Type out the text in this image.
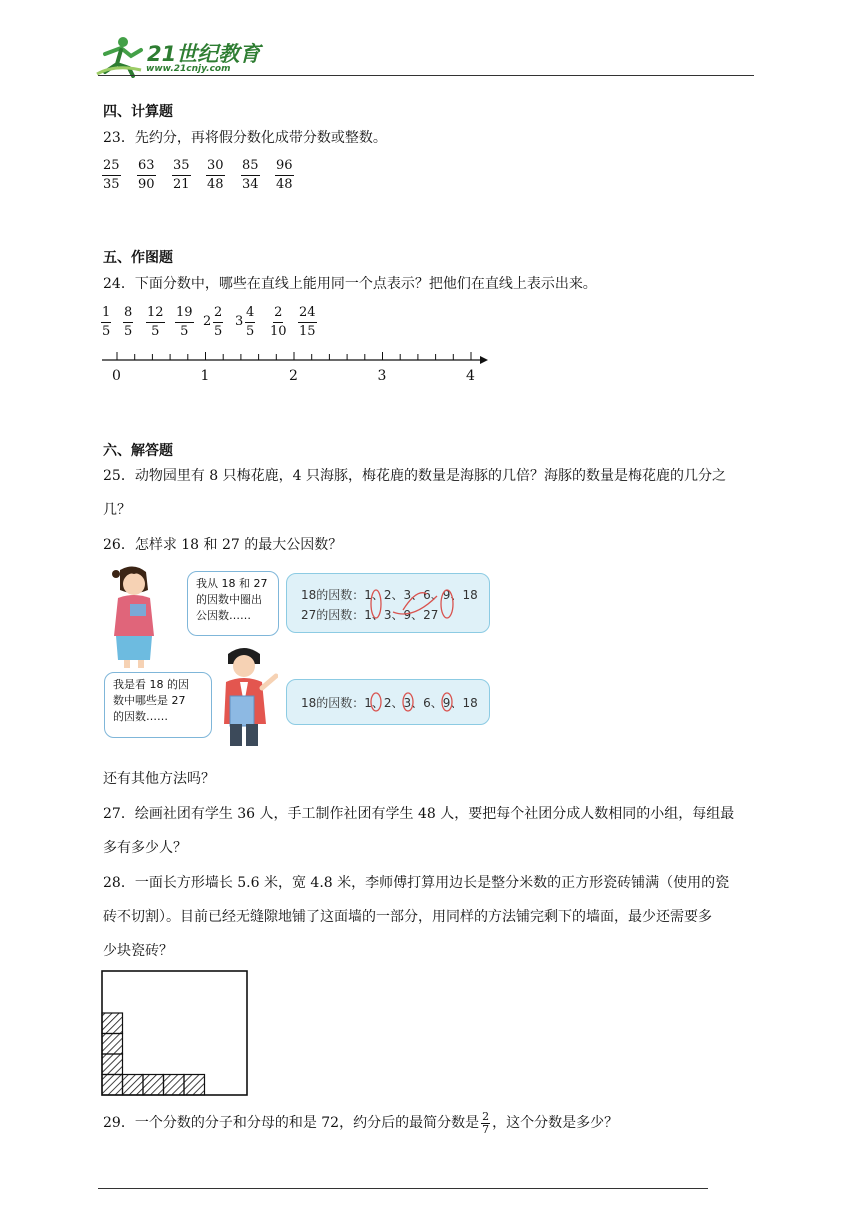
21世纪教育
www.21cnjy.com
四、计算题
23．先约分，再将假分数化成带分数或整数。
$\frac{25}{35} \frac{63}{90} \frac{35}{21} \frac{30}{48} \frac{85}{34} \frac{96}{48}$
五、作图题
24．下面分数中，哪些在直线上能用同一个点表示？把他们在直线上表示出来。
$\frac{1}{5} \frac{8}{5} \frac{12}{5} \frac{19}{5} 2 \frac{2}{5} 3 \frac{4}{5} \frac{2}{10} \frac{24}{15}$
0	1	2	3	4
六、解答题
25．动物园里有 8 只梅花鹿，4 只海豚，梅花鹿的数量是海豚的几倍？海豚的数量是梅花鹿的几分之
几？
26．怎样求 18 和 27 的最大公因数？
我从 18 和 27
的因数中圈出
公因数……
18的因数：1、2、3、6、9、18
27的因数：1、3、9、27
我是看 18 的因
数中哪些是 27
的因数……
18的因数：1、2、3、6、9、18
还有其他方法吗？
27．绘画社团有学生 36 人，手工制作社团有学生 48 人，要把每个社团分成人数相同的小组，每组最
多有多少人？
28．一面长方形墙长 5.6 米，宽 4.8 米，李师傅打算用边长是整分米数的正方形瓷砖铺满（使用的瓷
砖不切割）。目前已经无缝隙地铺了这面墙的一部分，用同样的方法铺完剩下的墙面，最少还需要多
少块瓷砖？
29．一个分数的分子和分母的和是 72，约分后的最简分数是 $\frac{2}{7}$ ，这个分数是多少？
